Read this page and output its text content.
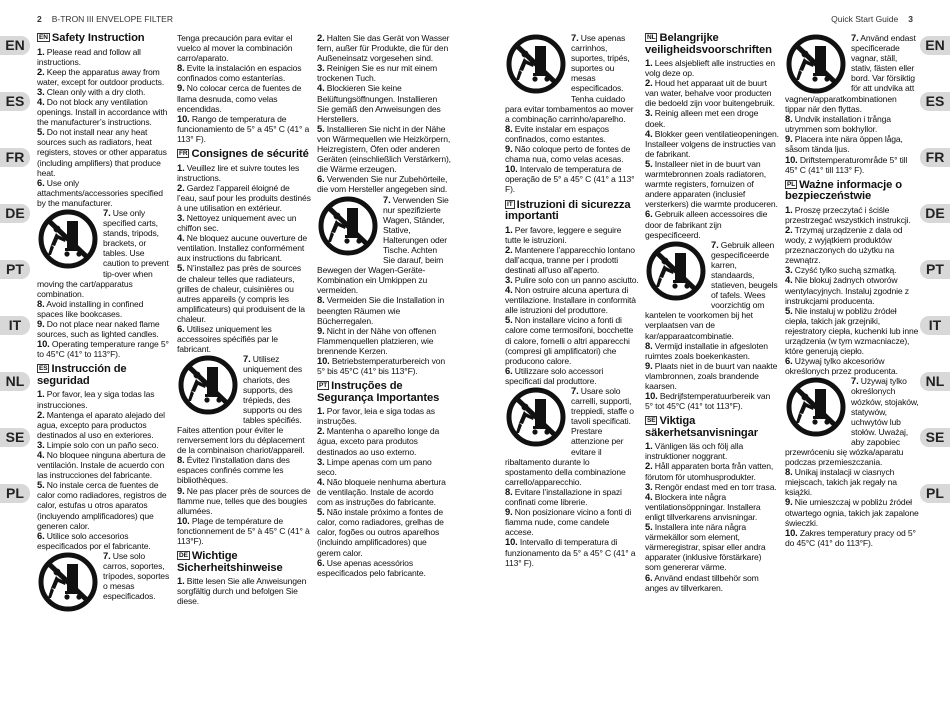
2 B-TRON III ENVELOPE FILTER	Quick Start Guide 3
EN
ES
FR
DE
PT
IT
NL
SE
PL
EN
ES
FR
DE
PT
IT
NL
SE
PL
EN Safety Instruction

1. Please read and follow all instructions.

2. Keep the apparatus away from water, except for outdoor products.

3. Clean only with a dry cloth.

4. Do not block any ventilation openings. Install in accordance with the manufacturer’s instructions.

5. Do not install near any heat sources such as radiators, heat registers, stoves or other apparatus (including amplifiers) that produce heat.

6. Use only attachments/accessories specified by the manufacturer.

7. Use only specified carts, stands, tripods, brackets, or tables. Use caution to prevent tip-over when moving the cart/apparatus combination.

8. Avoid installing in confined spaces like bookcases.

9. Do not place near naked flame sources, such as lighted candles.

10. Operating temperature range 5° to 45°C (41° to 113°F).

ES Instrucción de seguridad

1. Por favor, lea y siga todas las instrucciones.

2. Mantenga el aparato alejado del agua, excepto para productos destinados al uso en exteriores.

3. Limpie solo con un paño seco.

4. No bloquee ninguna abertura de ventilación. Instale de acuerdo con las instrucciones del fabricante.

5. No instale cerca de fuentes de calor como radiadores, registros de calor, estufas u otros aparatos (incluyendo amplificadores) que generen calor.

6. Utilice solo accesorios especificados por el fabricante.

7. Use solo carros, soportes, trípodes, soportes o mesas especificados.

Tenga precaución para evitar el vuelco al mover la combinación carro/aparato.

8. Evite la instalación en espacios confinados como estanterías.

9. No colocar cerca de fuentes de llama desnuda, como velas encendidas.

10. Rango de temperatura de funcionamiento de 5° a 45° C (41° a 113° F).

FR Consignes de sécurité

1. Veuillez lire et suivre toutes les instructions.

2. Gardez l’appareil éloigné de l’eau, sauf pour les produits destinés à une utilisation en extérieur.

3. Nettoyez uniquement avec un chiffon sec.

4. Ne bloquez aucune ouverture de ventilation. Installez conformément aux instructions du fabricant.

5. N’installez pas près de sources de chaleur telles que radiateurs, grilles de chaleur, cuisinières ou autres appareils (y compris les amplificateurs) qui produisent de la chaleur.

6. Utilisez uniquement les accessoires spécifiés par le fabricant.

7. Utilisez uniquement des chariots, des supports, des trépieds, des supports ou des tables spécifiés. Faites attention pour éviter le renversement lors du déplacement de la combinaison chariot/appareil.

8. Évitez l’installation dans des espaces confinés comme les bibliothèques.

9. Ne pas placer près de sources de flamme nue, telles que des bougies allumées.

10. Plage de température de fonctionnement de 5° à 45° C (41° à 113°F).

DE Wichtige Sicherheitshinweise

1. Bitte lesen Sie alle Anweisungen sorgfältig durch und befolgen Sie diese.

2. Halten Sie das Gerät von Wasser fern, außer für Produkte, die für den Außeneinsatz vorgesehen sind.

3. Reinigen Sie es nur mit einem trockenen Tuch.

4. Blockieren Sie keine Belüftungsöffnungen. Installieren Sie gemäß den Anweisungen des Herstellers.

5. Installieren Sie nicht in der Nähe von Wärmequellen wie Heizkörpern, Heizregistern, Öfen oder anderen Geräten (einschließlich Verstärkern), die Wärme erzeugen.

6. Verwenden Sie nur Zubehörteile, die vom Hersteller angegeben sind.

7. Verwenden Sie nur spezifizierte Wagen, Ständer, Stative, Halterungen oder Tische. Achten Sie darauf, beim Bewegen der Wagen-Geräte-Kombination ein Umkippen zu vermeiden.

8. Vermeiden Sie die Installation in beengten Räumen wie Bücherregalen.

9. Nicht in der Nähe von offenen Flammenquellen platzieren, wie brennende Kerzen.

10. Betriebstemperaturbereich von 5° bis 45°C (41° bis 113°F).

PT Instruções de Segurança Importantes

1. Por favor, leia e siga todas as instruções.

2. Mantenha o aparelho longe da água, exceto para produtos destinados ao uso externo.

3. Limpe apenas com um pano seco.

4. Não bloqueie nenhuma abertura de ventilação. Instale de acordo com as instruções do fabricante.

5. Não instale próximo a fontes de calor, como radiadores, grelhas de calor, fogões ou outros aparelhos (incluindo amplificadores) que gerem calor.

6. Use apenas acessórios especificados pelo fabricante.

7. Use apenas carrinhos, suportes, tripés, suportes ou mesas especificados. Tenha cuidado para evitar tombamentos ao mover a combinação carrinho/aparelho.

8. Evite instalar em espaços confinados, como estantes.

9. Não coloque perto de fontes de chama nua, como velas acesas.

10. Intervalo de temperatura de operação de 5° a 45° C (41° a 113° F).

IT Istruzioni di sicurezza importanti

1. Per favore, leggere e seguire tutte le istruzioni.

2. Mantenere l’apparecchio lontano dall’acqua, tranne per i prodotti destinati all’uso all’aperto.

3. Pulire solo con un panno asciutto.

4. Non ostruire alcuna apertura di ventilazione. Installare in conformità alle istruzioni del produttore.

5. Non installare vicino a fonti di calore come termosifoni, bocchette di calore, fornelli o altri apparecchi (compresi gli amplificatori) che producono calore.

6. Utilizzare solo accessori specificati dal produttore.

7. Usare solo carrelli, supporti, treppiedi, staffe o tavoli specificati. Prestare attenzione per evitare il ribaltamento durante lo spostamento della combinazione carrello/apparecchio.

8. Evitare l’installazione in spazi confinati come librerie.

9. Non posizionare vicino a fonti di fiamma nude, come candele accese.

10. Intervallo di temperatura di funzionamento da 5° a 45° C (41° a 113° F).

NL Belangrijke veiligheidsvoorschriften

1. Lees alsjeblieft alle instructies en volg deze op.

2. Houd het apparaat uit de buurt van water, behalve voor producten die bedoeld zijn voor buitengebruik.

3. Reinig alleen met een droge doek.

4. Blokker geen ventilatieopeningen. Installeer volgens de instructies van de fabrikant.

5. Installeer niet in de buurt van warmtebronnen zoals radiatoren, warmte registers, fornuizen of andere apparaten (inclusief versterkers) die warmte produceren.

6. Gebruik alleen accessoires die door de fabrikant zijn gespecificeerd.

7. Gebruik alleen gespecificeerde karren, standaards, statieven, beugels of tafels. Wees voorzichtig om kantelen te voorkomen bij het verplaatsen van de kar/apparaatcombinatie.

8. Vermijd installatie in afgesloten ruimtes zoals boekenkasten.

9. Plaats niet in de buurt van naakte vlambronnen, zoals brandende kaarsen.

10. Bedrijfstemperatuurbereik van 5° tot 45°C (41° tot 113°F).

SE Viktiga säkerhetsanvisningar

1. Vänligen läs och följ alla instruktioner noggrant.

2. Håll apparaten borta från vatten, förutom för utomhusprodukter.

3. Rengör endast med en torr trasa.

4. Blockera inte några ventilationsöppningar. Installera enligt tillverkarens anvisningar.

5. Installera inte nära några värmekällor som element, värmeregistrar, spisar eller andra apparater (inklusive förstärkare) som genererar värme.

6. Använd endast tillbehör som anges av tillverkaren.

7. Använd endast specificerade vagnar, ställ, stativ, fästen eller bord. Var försiktig för att undvika att vagnen/apparatkombinationen tippar när den flyttas.

8. Undvik installation i trånga utrymmen som bokhyllor.

9. Placera inte nära öppen låga, såsom tända ljus.

10. Driftstemperaturområde 5° till 45° C (41° till 113° F).

PL Ważne informacje o bezpieczeństwie

1. Proszę przeczytać i ściśle przestrzegać wszystkich instrukcji.

2. Trzymaj urządzenie z dala od wody, z wyjątkiem produktów przeznaczonych do użytku na zewnątrz.

3. Czyść tylko suchą szmatką.

4. Nie blokuj żadnych otworów wentylacyjnych. Instaluj zgodnie z instrukcjami producenta.

5. Nie instaluj w pobliżu źródeł ciepła, takich jak grzejniki, rejestratory ciepła, kuchenki lub inne urządzenia (w tym wzmacniacze), które generują ciepło.

6. Używaj tylko akcesoriów określonych przez producenta.

7. Używaj tylko określonych wózków, stojaków, statywów, uchwytów lub stołów. Uważaj, aby zapobiec przewróceniu się wózka/aparatu podczas przemieszczania.

8. Unikaj instalacji w ciasnych miejscach, takich jak regały na książki.

9. Nie umieszczaj w pobliżu źródeł otwartego ognia, takich jak zapalone świeczki.

10. Zakres temperatury pracy od 5° do 45°C (41° do 113°F).
